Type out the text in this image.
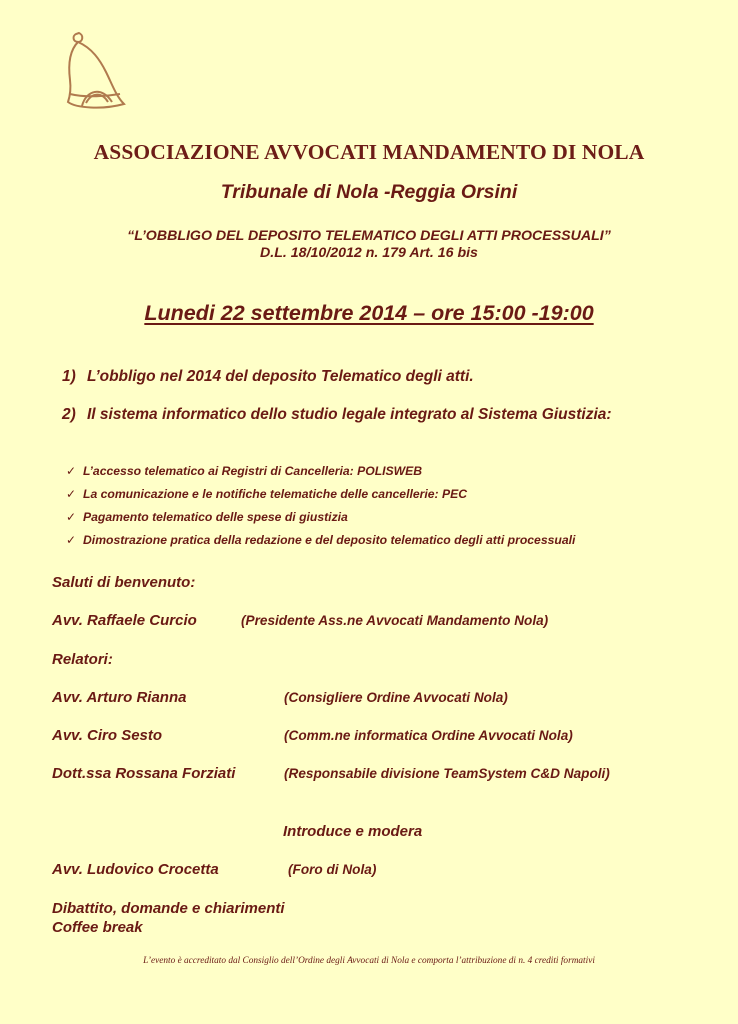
ASSOCIAZIONE AVVOCATI MANDAMENTO DI NOLA
Tribunale di Nola -Reggia Orsini
“L’OBBLIGO DEL DEPOSITO TELEMATICO DEGLI ATTI PROCESSUALI”
D.L. 18/10/2012 n. 179 Art. 16 bis
Lunedi 22 settembre 2014 – ore 15:00 -19:00
1) L’obbligo nel 2014 del deposito Telematico degli atti.
2) Il sistema informatico dello studio legale integrato al Sistema Giustizia:
✓ L’accesso telematico ai Registri di Cancelleria: POLISWEB
✓ La comunicazione e le notifiche telematiche delle cancellerie: PEC
✓ Pagamento telematico delle spese di giustizia
✓ Dimostrazione pratica della redazione e del deposito telematico degli atti processuali
Saluti di benvenuto:
Avv. Raffaele Curcio	(Presidente Ass.ne Avvocati Mandamento Nola)
Relatori:
Avv. Arturo Rianna	(Consigliere Ordine Avvocati Nola)
Avv. Ciro Sesto	(Comm.ne informatica Ordine Avvocati Nola)
Dott.ssa Rossana Forziati	(Responsabile divisione TeamSystem C&D Napoli)
Introduce e modera
Avv. Ludovico Crocetta	(Foro di Nola)
Dibattito, domande e chiarimenti
Coffee break
L’evento è accreditato dal Consiglio dell’Ordine degli Avvocati di Nola e comporta l’attribuzione di n. 4 crediti formativi
